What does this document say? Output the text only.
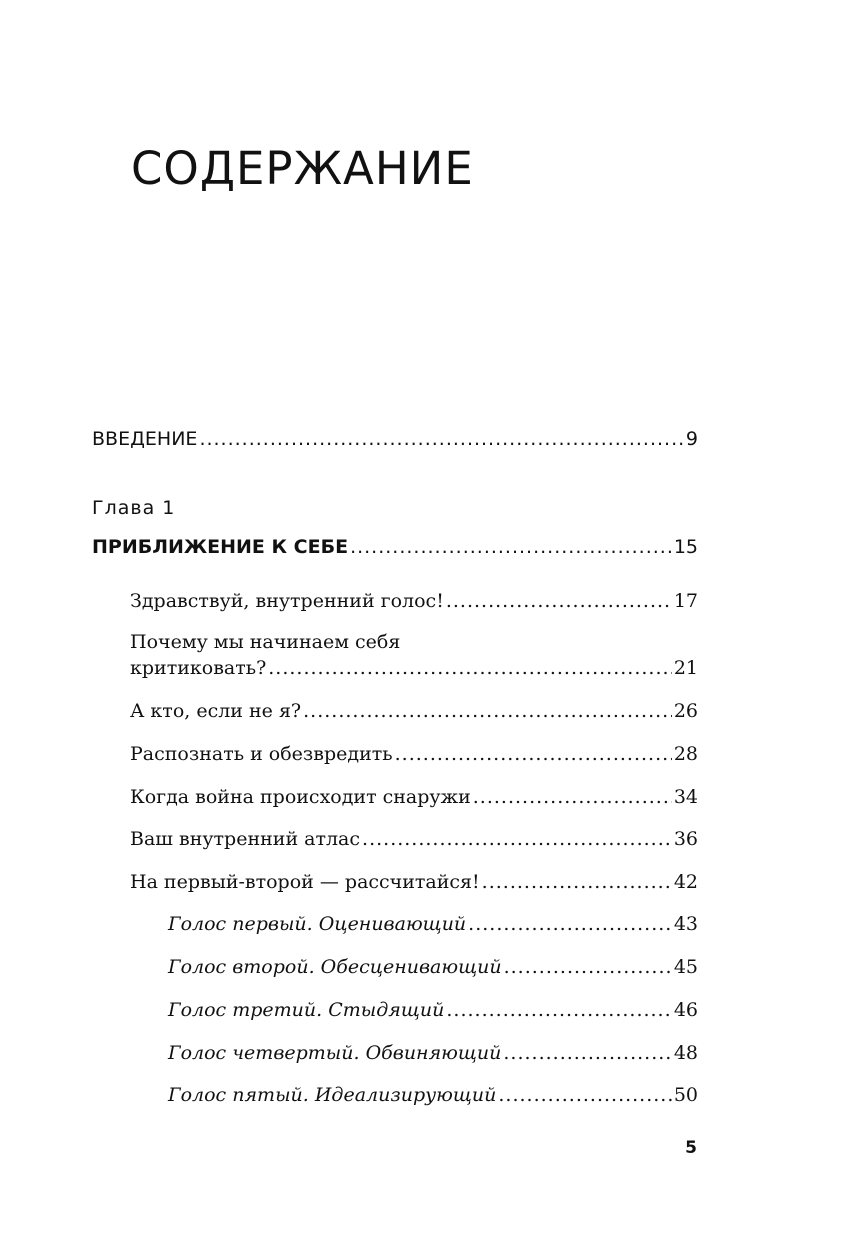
СОДЕРЖАНИЕ
ВВЕДЕНИЕ .....	9
Глава 1
ПРИБЛИЖЕНИЕ К СЕБЕ .....	15
Здравствуй, внутренний голос! .....	17
Почему мы начинаем себя
критиковать? .....	21
А кто, если не я? .....	26
Распознать и обезвредить .....	28
Когда война происходит снаружи .....	34
Ваш внутренний атлас .....	36
На первый-второй — рассчитайся! .....	42
Голос первый. Оценивающий .....	43
Голос второй. Обесценивающий .....	45
Голос третий. Стыдящий .....	46
Голос четвертый. Обвиняющий .....	48
Голос пятый. Идеализирующий .....	50
5
